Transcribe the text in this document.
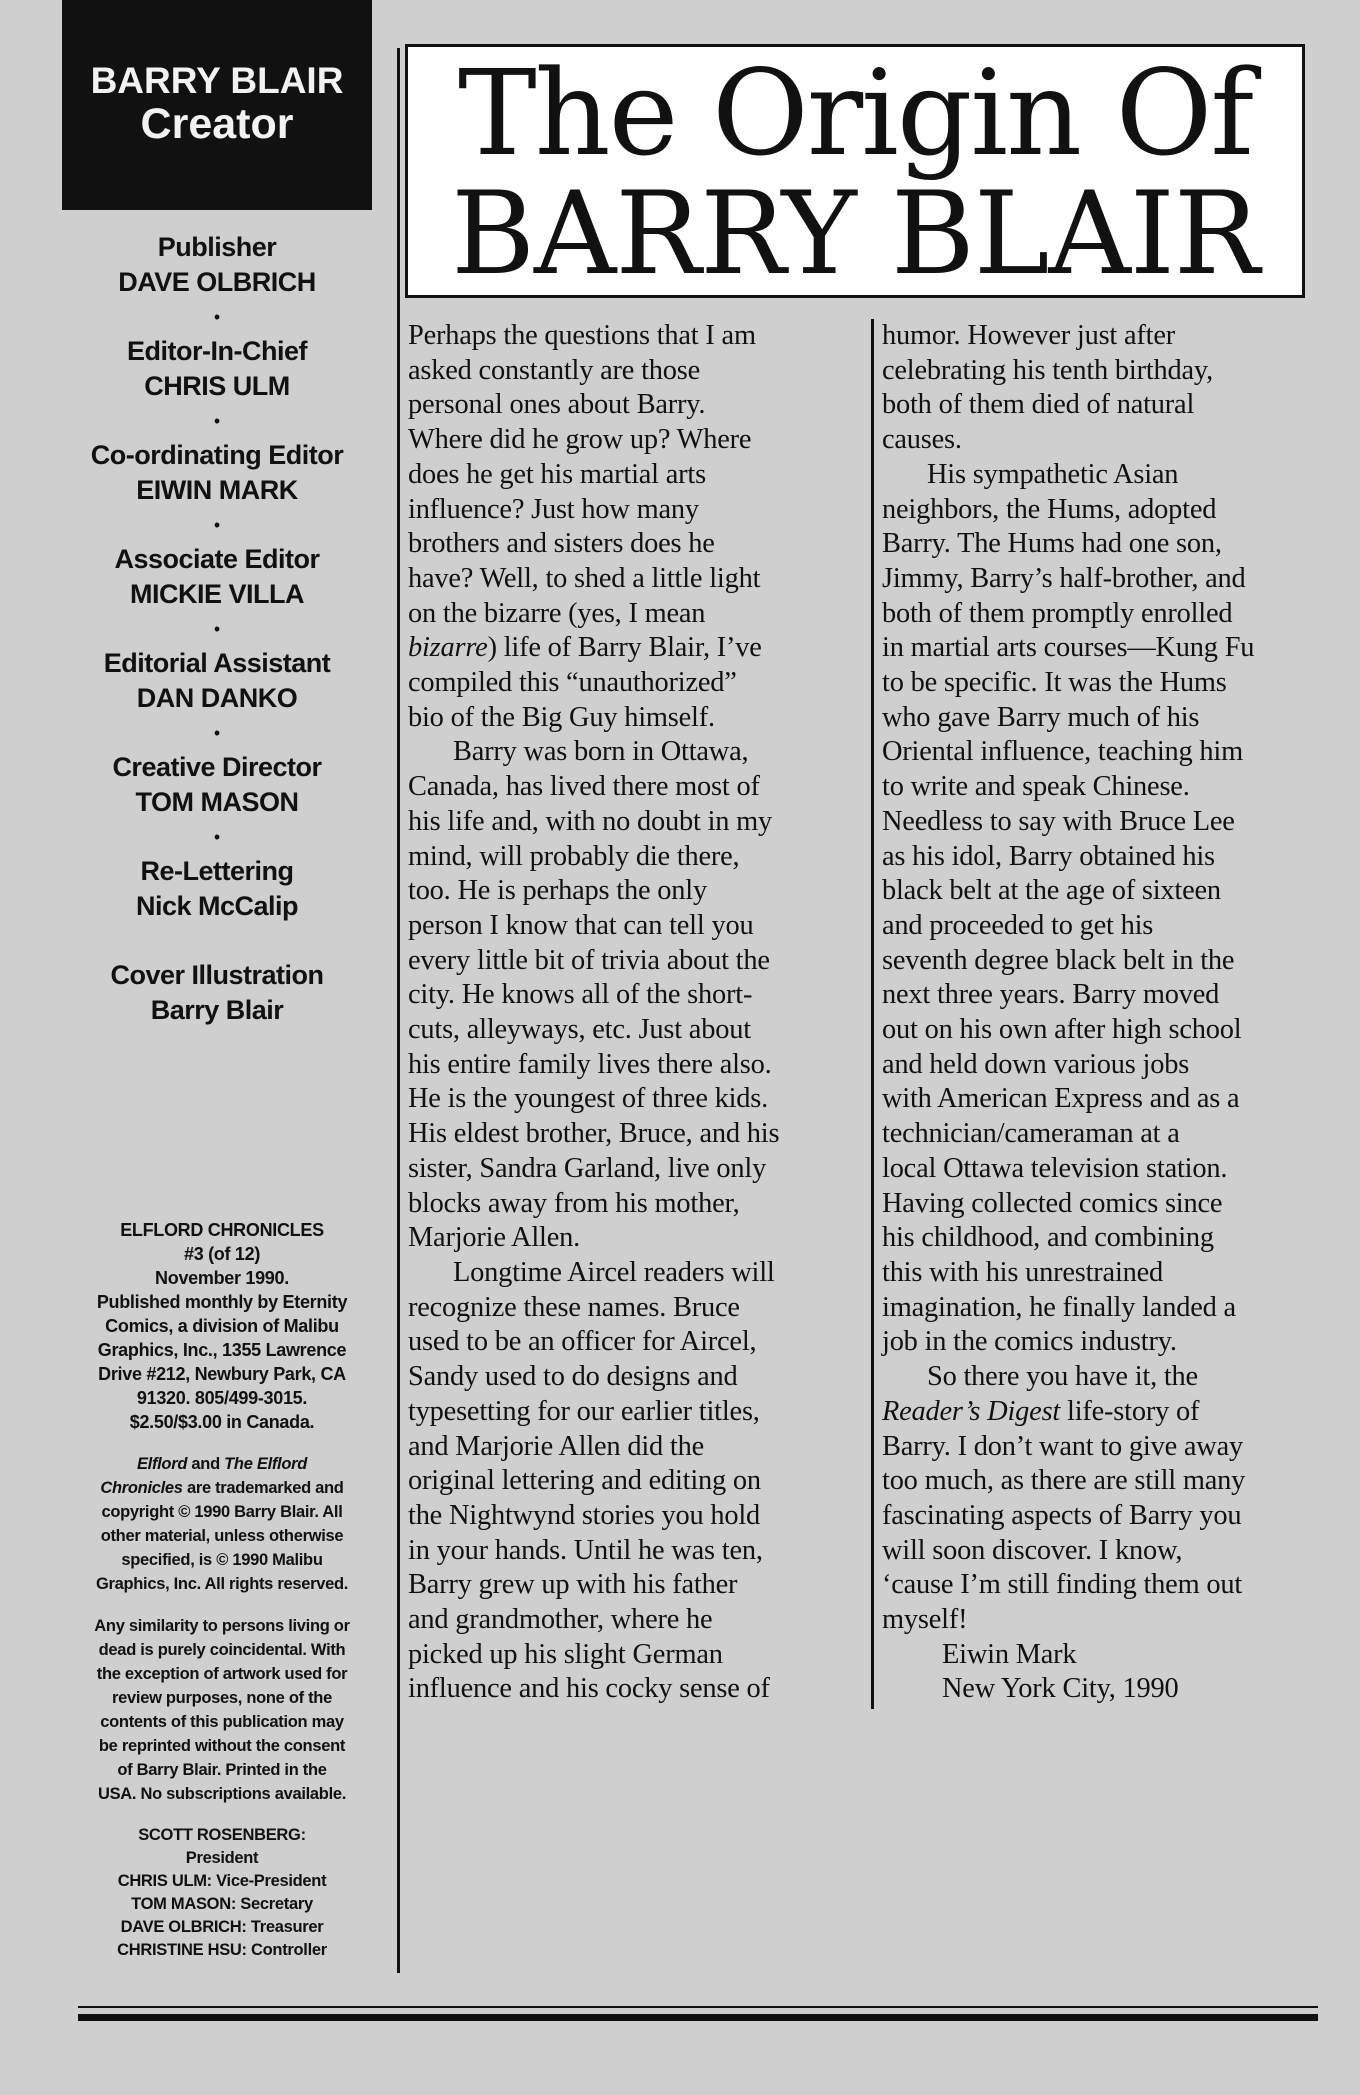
BARRY BLAIR
Creator
Publisher
DAVE OLBRICH
•
Editor-In-Chief
CHRIS ULM
•
Co-ordinating Editor
EIWIN MARK
•
Associate Editor
MICKIE VILLA
•
Editorial Assistant
DAN DANKO
•
Creative Director
TOM MASON
•
Re-Lettering
Nick McCalip
Cover Illustration
Barry Blair

ELFLORD CHRONICLES
#3 (of 12)
November 1990.
Published monthly by Eternity
Comics, a division of Malibu
Graphics, Inc., 1355 Lawrence
Drive #212, Newbury Park, CA
91320. 805/499-3015.
$2.50/$3.00 in Canada.

Elflord and The Elflord
Chronicles are trademarked and
copyright © 1990 Barry Blair. All
other material, unless otherwise
specified, is © 1990 Malibu
Graphics, Inc. All rights reserved.

Any similarity to persons living or
dead is purely coincidental. With
the exception of artwork used for
review purposes, none of the
contents of this publication may
be reprinted without the consent
of Barry Blair. Printed in the
USA. No subscriptions available.

SCOTT ROSENBERG:
President
CHRIS ULM: Vice-President
TOM MASON: Secretary
DAVE OLBRICH: Treasurer
CHRISTINE HSU: Controller
The Origin Of
BARRY BLAIR
Perhaps the questions that I am
asked constantly are those
personal ones about Barry.
Where did he grow up? Where
does he get his martial arts
influence? Just how many
brothers and sisters does he
have? Well, to shed a little light
on the bizarre (yes, I mean
bizarre) life of Barry Blair, I’ve
compiled this “unauthorized”
bio of the Big Guy himself.
Barry was born in Ottawa,
Canada, has lived there most of
his life and, with no doubt in my
mind, will probably die there,
too. He is perhaps the only
person I know that can tell you
every little bit of trivia about the
city. He knows all of the short-
cuts, alleyways, etc. Just about
his entire family lives there also.
He is the youngest of three kids.
His eldest brother, Bruce, and his
sister, Sandra Garland, live only
blocks away from his mother,
Marjorie Allen.
Longtime Aircel readers will
recognize these names. Bruce
used to be an officer for Aircel,
Sandy used to do designs and
typesetting for our earlier titles,
and Marjorie Allen did the
original lettering and editing on
the Nightwynd stories you hold
in your hands. Until he was ten,
Barry grew up with his father
and grandmother, where he
picked up his slight German
influence and his cocky sense of
humor. However just after
celebrating his tenth birthday,
both of them died of natural
causes.
His sympathetic Asian
neighbors, the Hums, adopted
Barry. The Hums had one son,
Jimmy, Barry’s half-brother, and
both of them promptly enrolled
in martial arts courses—Kung Fu
to be specific. It was the Hums
who gave Barry much of his
Oriental influence, teaching him
to write and speak Chinese.
Needless to say with Bruce Lee
as his idol, Barry obtained his
black belt at the age of sixteen
and proceeded to get his
seventh degree black belt in the
next three years. Barry moved
out on his own after high school
and held down various jobs
with American Express and as a
technician/cameraman at a
local Ottawa television station.
Having collected comics since
his childhood, and combining
this with his unrestrained
imagination, he finally landed a
job in the comics industry.
So there you have it, the
Reader’s Digest life-story of
Barry. I don’t want to give away
too much, as there are still many
fascinating aspects of Barry you
will soon discover. I know,
‘cause I’m still finding them out
myself!
Eiwin Mark
New York City, 1990
